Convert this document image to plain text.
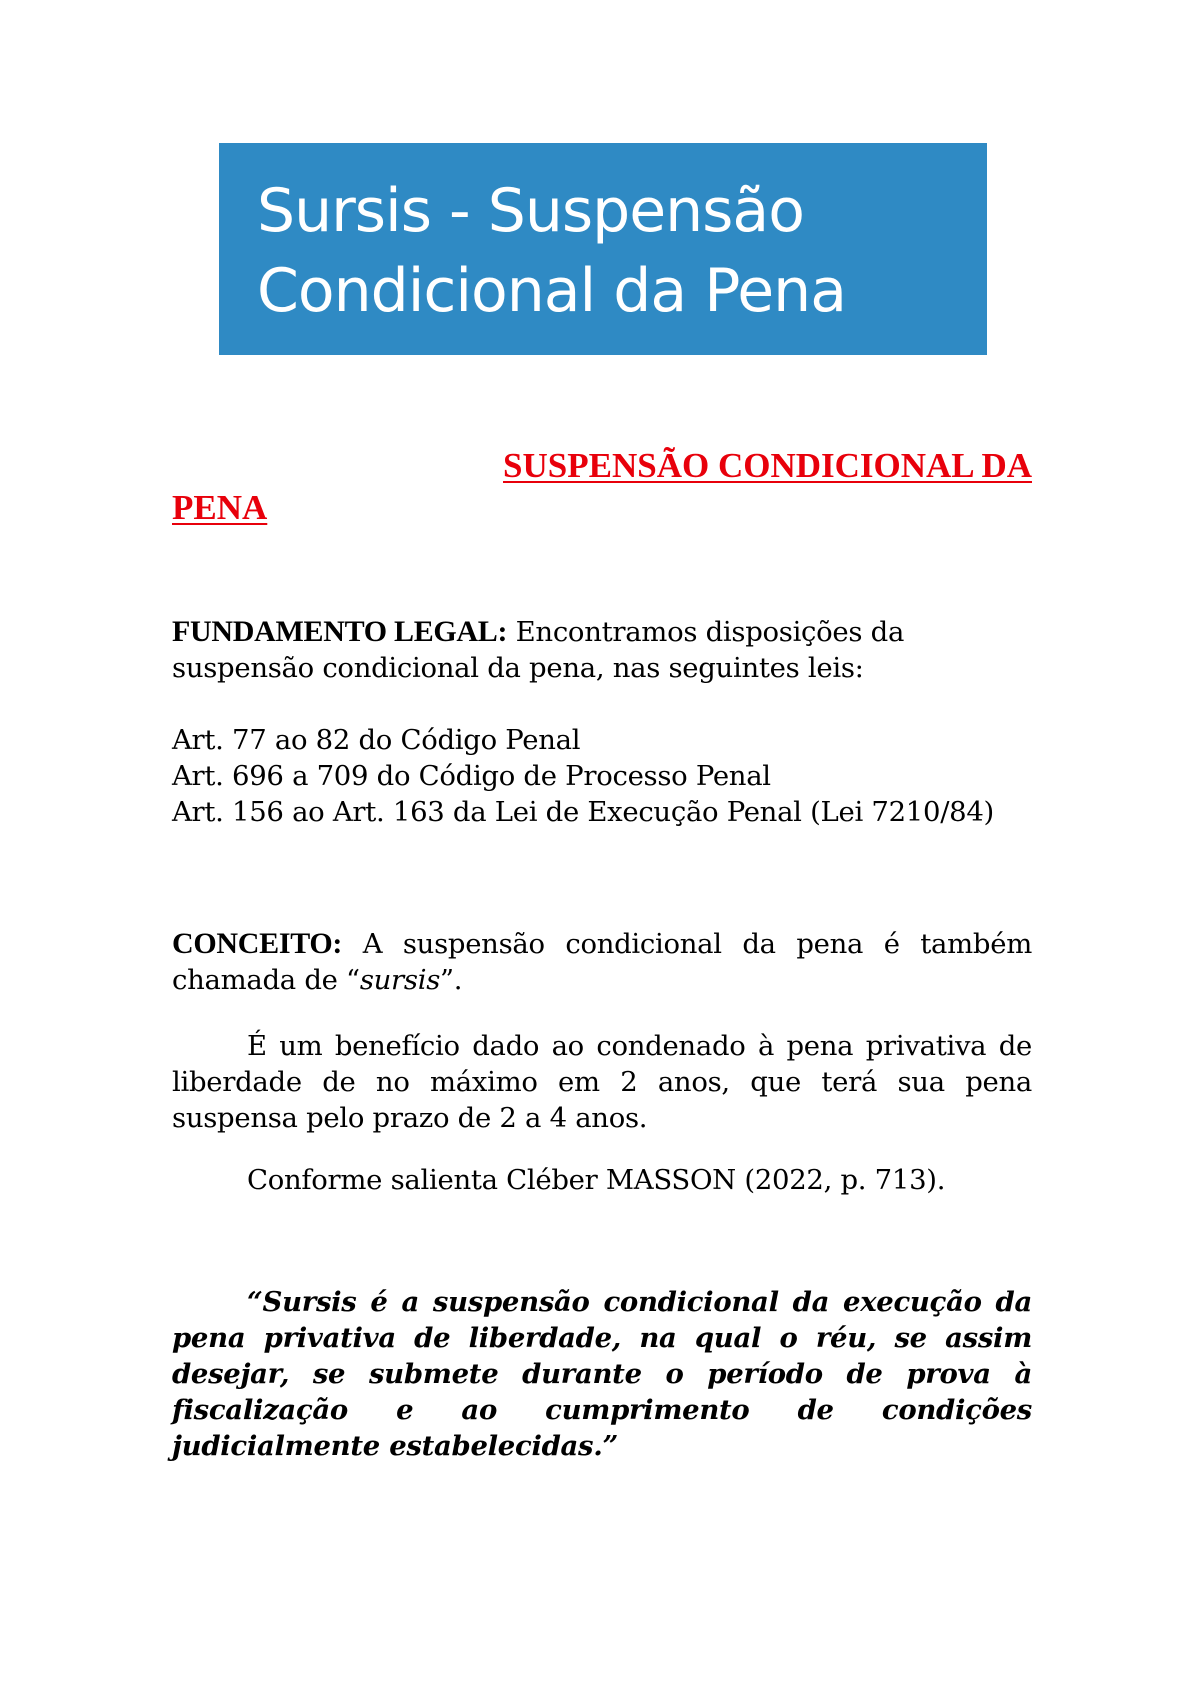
Sursis - Suspensão
Condicional da Pena
SUSPENSÃO CONDICIONAL DA
PENA

FUNDAMENTO LEGAL: Encontramos disposições da suspensão condicional da pena, nas seguintes leis:

Art. 77 ao 82 do Código Penal

Art. 696 a 709 do Código de Processo Penal

Art. 156 ao Art. 163 da Lei de Execução Penal (Lei 7210/84)

CONCEITO: A suspensão condicional da pena é também chamada de “sursis”.

É um benefício dado ao condenado à pena privativa de liberdade de no máximo em 2 anos, que terá sua pena suspensa pelo prazo de 2 a 4 anos.

Conforme salienta Cléber MASSON (2022, p. 713).

“Sursis é a suspensão condicional da execução da pena privativa de liberdade, na qual o réu, se assim desejar, se submete durante o período de prova à fiscalização e ao cumprimento de condições judicialmente estabelecidas.”
